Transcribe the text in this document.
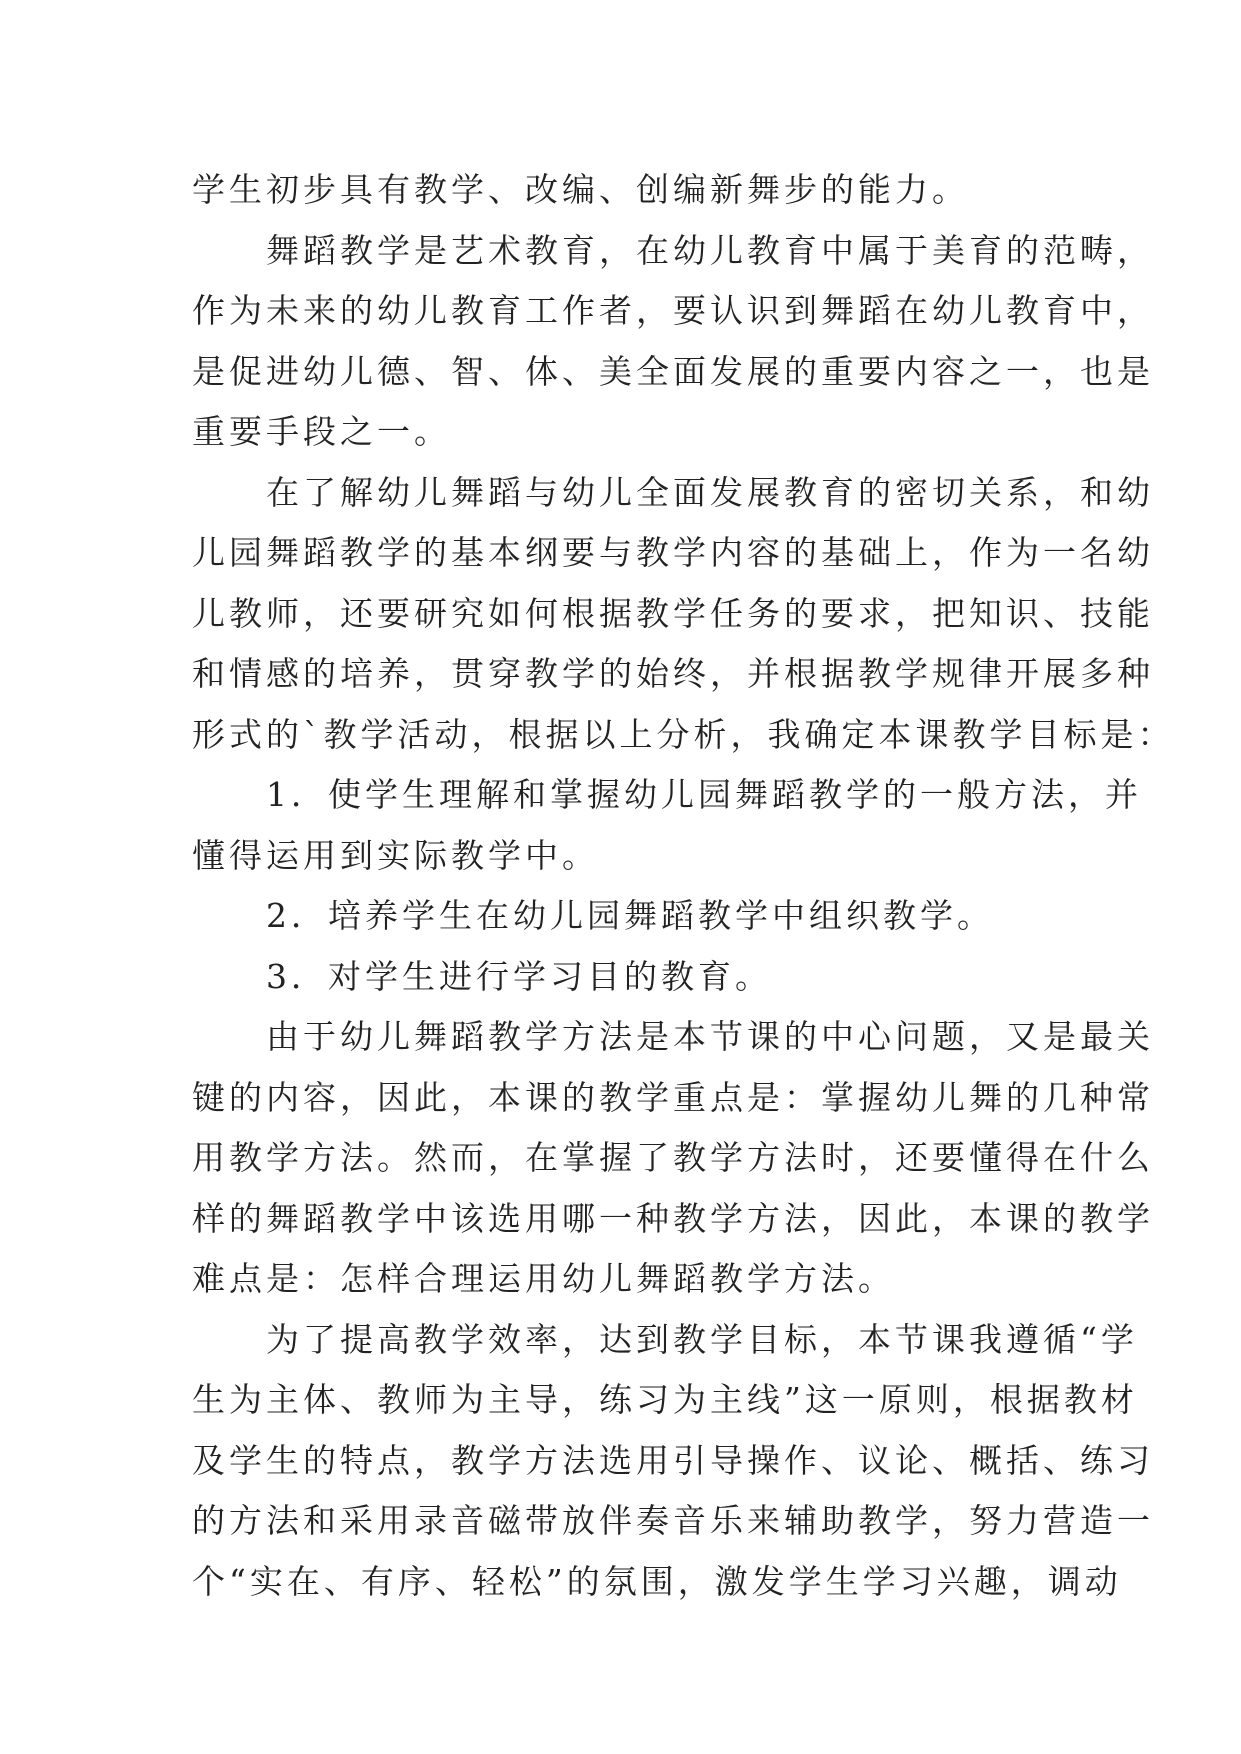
学生初步具有教学、改编、创编新舞步的能力。
　　舞蹈教学是艺术教育，在幼儿教育中属于美育的范畴，
作为未来的幼儿教育工作者，要认识到舞蹈在幼儿教育中，
是促进幼儿德、智、体、美全面发展的重要内容之一，也是
重要手段之一。
　　在了解幼儿舞蹈与幼儿全面发展教育的密切关系，和幼
儿园舞蹈教学的基本纲要与教学内容的基础上，作为一名幼
儿教师，还要研究如何根据教学任务的要求，把知识、技能
和情感的培养，贯穿教学的始终，并根据教学规律开展多种
形式的`教学活动，根据以上分析，我确定本课教学目标是：
　　1．使学生理解和掌握幼儿园舞蹈教学的一般方法，并
懂得运用到实际教学中。
　　2．培养学生在幼儿园舞蹈教学中组织教学。
　　3．对学生进行学习目的教育。
　　由于幼儿舞蹈教学方法是本节课的中心问题，又是最关
键的内容，因此，本课的教学重点是：掌握幼儿舞的几种常
用教学方法。然而，在掌握了教学方法时，还要懂得在什么
样的舞蹈教学中该选用哪一种教学方法，因此，本课的教学
难点是：怎样合理运用幼儿舞蹈教学方法。
　　为了提高教学效率，达到教学目标，本节课我遵循“学
生为主体、教师为主导，练习为主线”这一原则，根据教材
及学生的特点，教学方法选用引导操作、议论、概括、练习
的方法和采用录音磁带放伴奏音乐来辅助教学，努力营造一
个“实在、有序、轻松”的氛围，激发学生学习兴趣，调动
